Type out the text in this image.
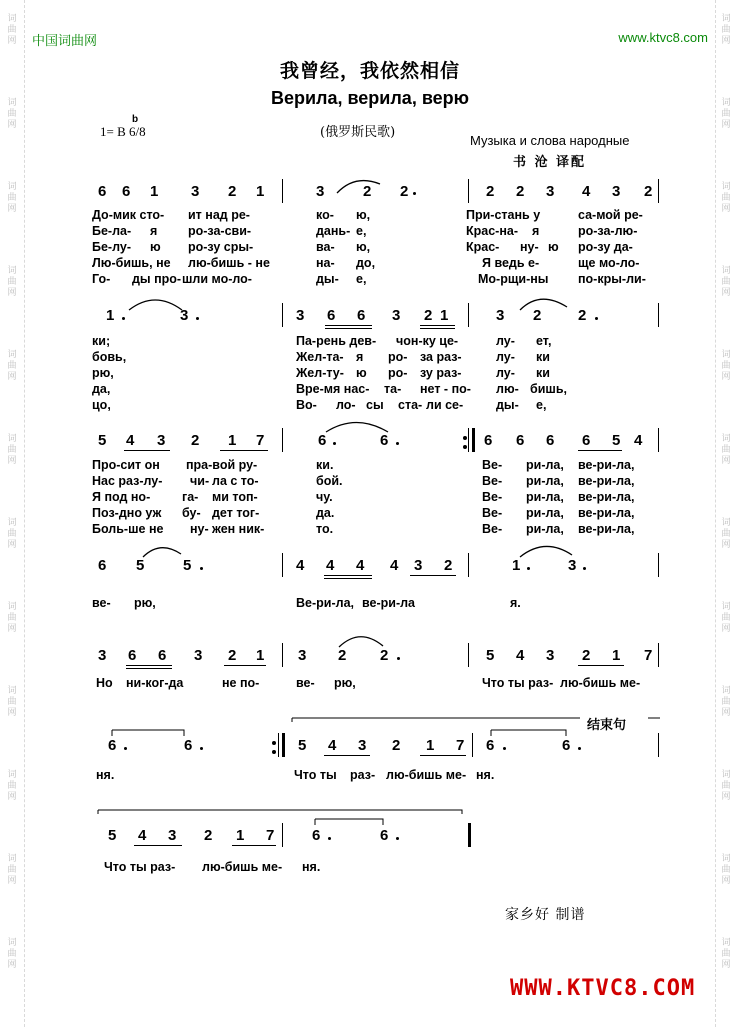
词
曲
网
词
曲
网
词
曲
网
词
曲
网
词
曲
网
词
曲
网
词
曲
网
词
曲
网
词
曲
网
词
曲
网
词
曲
网
词
曲
网
词
曲
网
词
曲
网
词
曲
网
词
曲
网
词
曲
网
词
曲
网
词
曲
网
词
曲
网
词
曲
网
词
曲
网
词
曲
网
词
曲
网
中国词曲网	www.ktvc8.com
我曾经，我依然相信
Верила, верила, верю
(俄罗斯民歌)
b
1= B 6/8
Музыка и слова народные
书 沧 译配
6 6 1 3 2 1	3	2 2	2 2 3 4 3 2
До-мик сто- ит над ре-	ко- ю,	При-стань у	са-мой ре-
Бе-ла- я ро-за-сви-	дань- е,	Крас-на- я	ро-за-лю-
Бе-лу- ю ро-зу сры-	ва- ю,	Крас- ну- ю ро-зу да-
Лю-бишь, не лю-бишь - не	на- до,	Я ведь е-	ще мо-ло-
Го- ды про- шли мо-ло-	ды- е,	Мо-рщи-ны по-кры-ли-
1	3	3 6 6 3 2 1	3 2 2
ки;	Па-рень дев- чон-ку це-	лу- ет,
бовь,	Жел-та- я ро- за раз-	лу- ки
рю,	Жел-ту- ю ро- зу раз-	лу- ки
да,	Вре-мя нас- та- нет - по- лю- бишь,
цо,	Во- ло- сы ста- ли се-	ды- е,
5 4 3 2 1 7	6	6	6 6 6 6 5 4
Про-сит он пра-вой ру-	ки.	Ве- ри-ла, ве-ри-ла,
Нас раз-лу- чи- ла с то-	бой.	Ве- ри-ла, ве-ри-ла,
Я под но-	га- ми топ-	чу.	Ве- ри-ла, ве-ри-ла,
Поз-дно уж бу- дет тог-	да.	Ве- ри-ла, ве-ри-ла,
Боль-ше не ну- жен ник-	то.	Ве- ри-ла, ве-ри-ла,
6 5	5	4 4 4 4 3 2	1	3
ве- рю,	Ве-ри-ла, ве-ри-ла	я.
3 6 6 3 2 1 3 2 2	5 4 3 2 1 7
Но ни-ког-да	не по-	ве- рю,	Что ты раз- лю-бишь ме-
6	6	5 4 3 2 1 7 6	6
ня.	Что ты раз- лю-бишь ме- ня.
5 4 3 2 1 7	6	6
Что ты раз- лю-бишь ме- ня.
结束句
家乡好 制谱
WWW.KTVC8.COM
